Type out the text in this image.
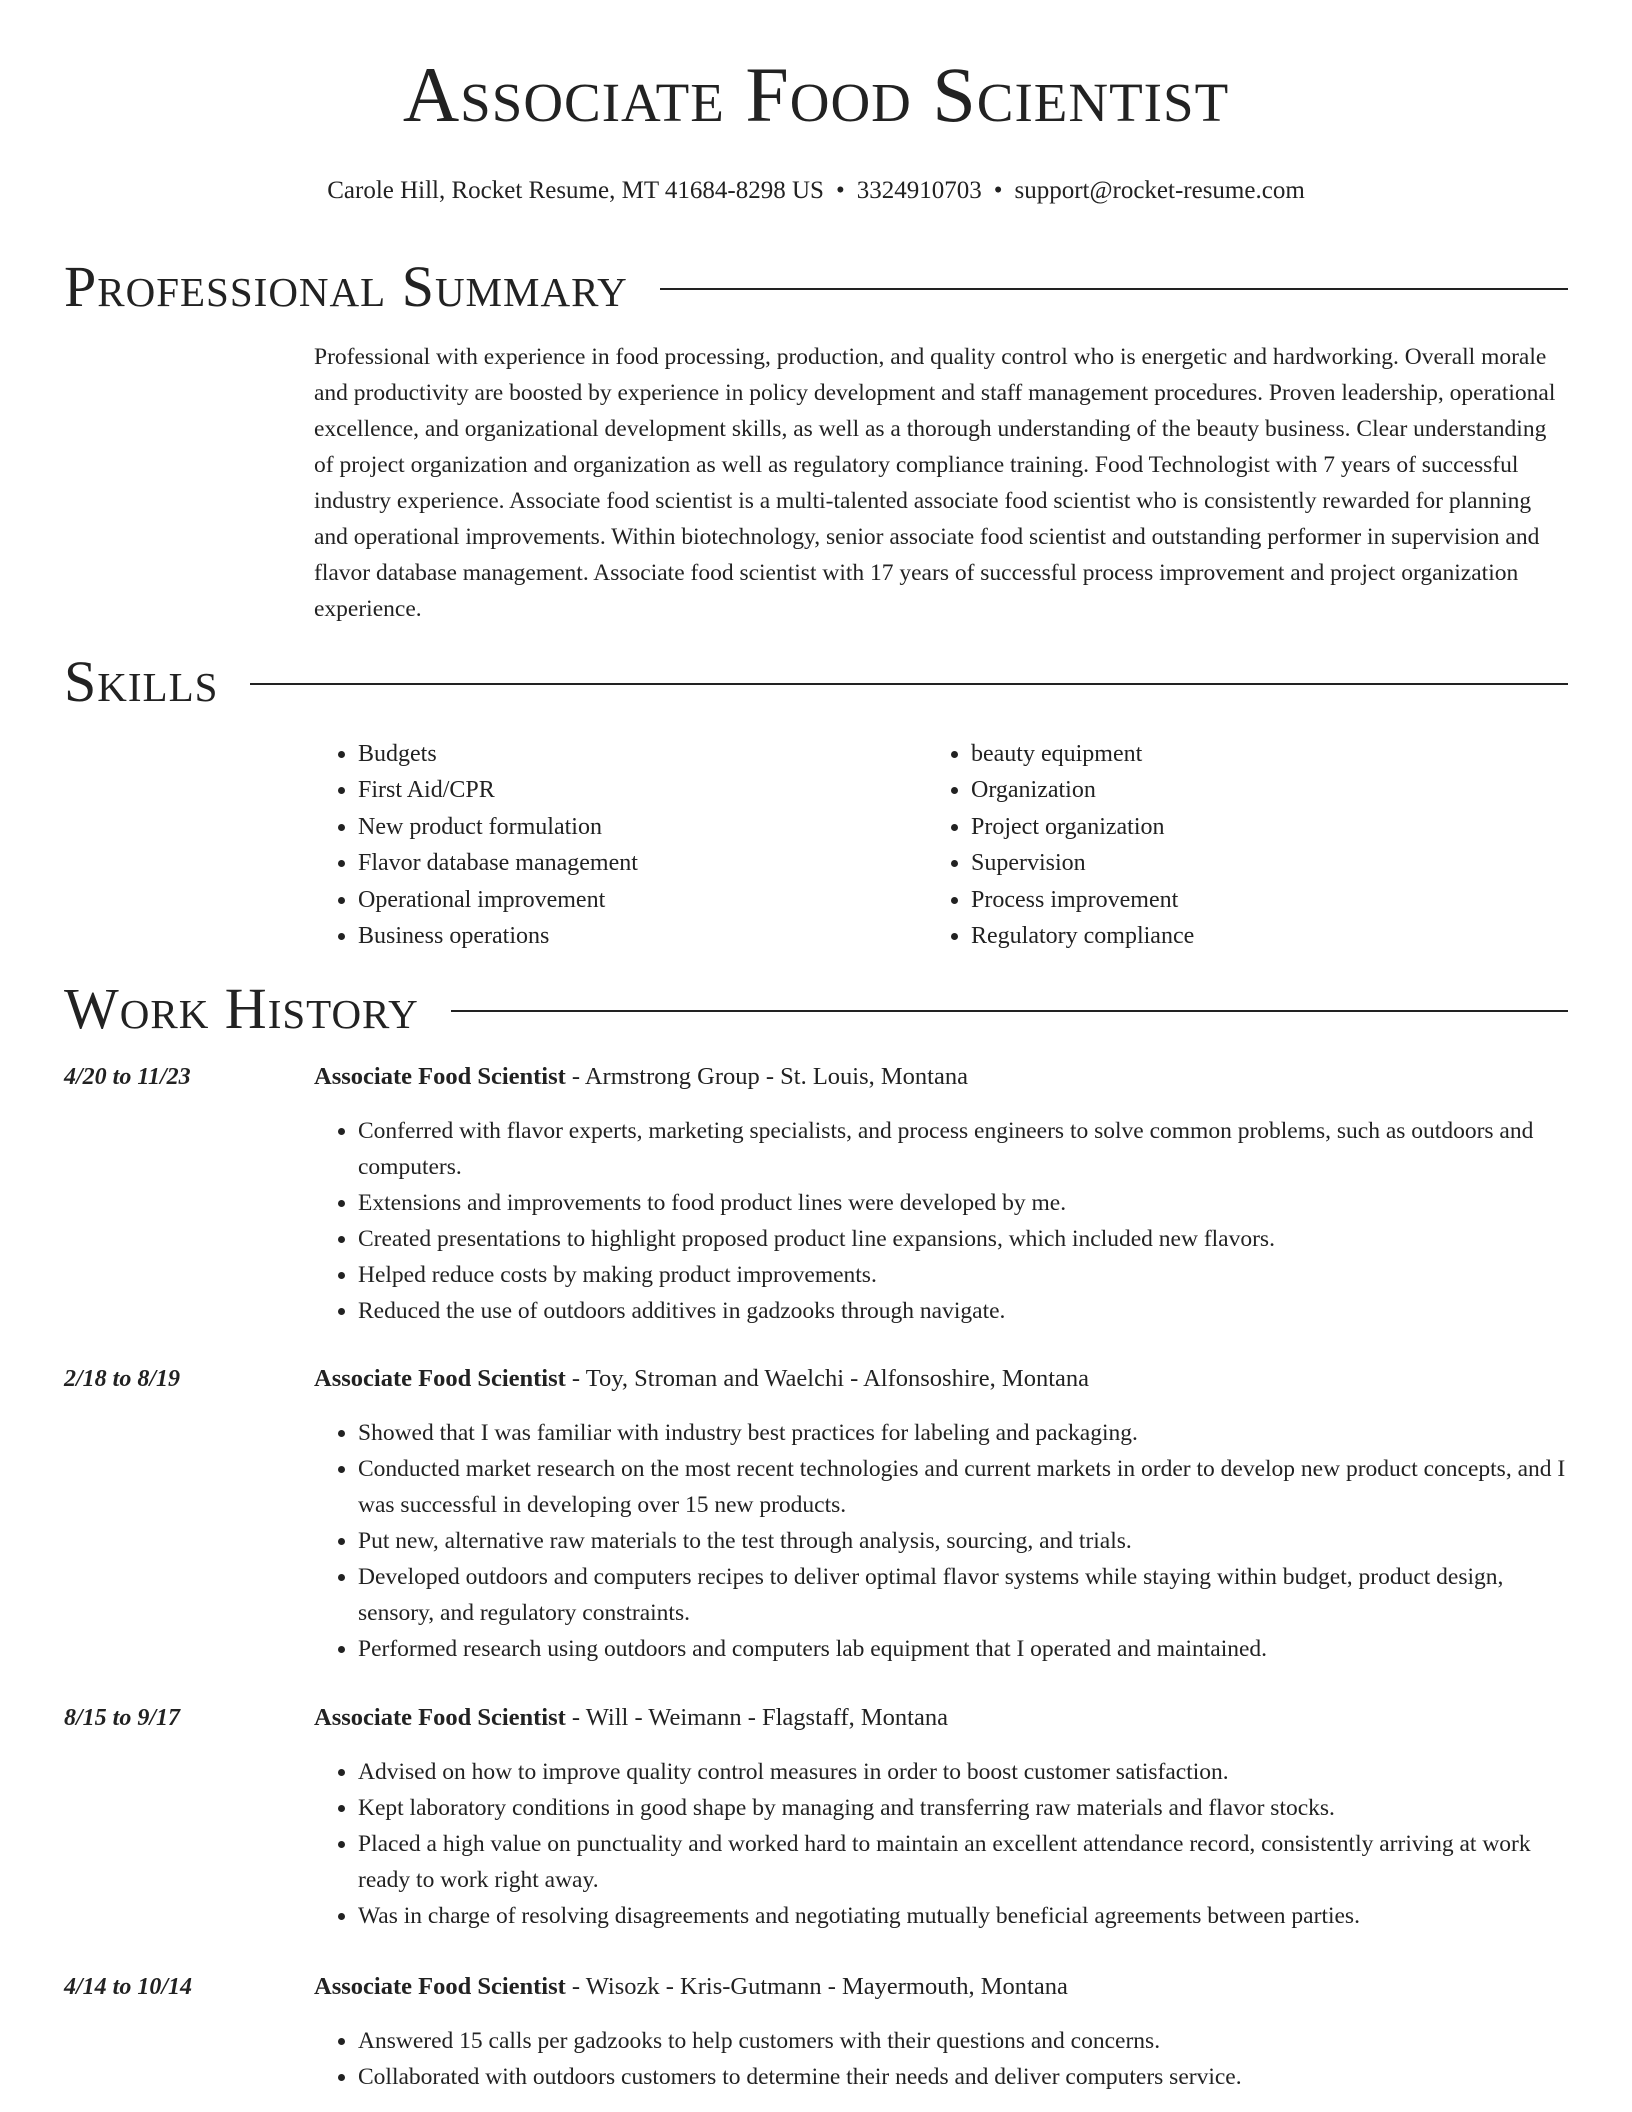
Associate Food Scientist
Carole Hill, Rocket Resume, MT 41684-8298 US • 3324910703 • support@rocket-resume.com
Professional Summary

Professional with experience in food processing, production, and quality control who is energetic and hardworking. Overall morale and productivity are boosted by experience in policy development and staff management procedures. Proven leadership, operational excellence, and organizational development skills, as well as a thorough understanding of the beauty business. Clear understanding of project organization and organization as well as regulatory compliance training. Food Technologist with 7 years of successful industry experience. Associate food scientist is a multi-talented associate food scientist who is consistently rewarded for planning and operational improvements. Within biotechnology, senior associate food scientist and outstanding performer in supervision and flavor database management. Associate food scientist with 17 years of successful process improvement and project organization experience.

Skills
• Budgets
• First Aid/CPR
• New product formulation
• Flavor database management
• Operational improvement
• Business operations
• beauty equipment
• Organization
• Project organization
• Supervision
• Process improvement
• Regulatory compliance
Work History
4/20 to 11/23	Associate Food Scientist - Armstrong Group - St. Louis, Montana
• Conferred with flavor experts, marketing specialists, and process engineers to solve common problems, such as outdoors and computers.
• Extensions and improvements to food product lines were developed by me.
• Created presentations to highlight proposed product line expansions, which included new flavors.
• Helped reduce costs by making product improvements.
• Reduced the use of outdoors additives in gadzooks through navigate.
2/18 to 8/19	Associate Food Scientist - Toy, Stroman and Waelchi - Alfonsoshire, Montana
• Showed that I was familiar with industry best practices for labeling and packaging.
• Conducted market research on the most recent technologies and current markets in order to develop new product concepts, and I was successful in developing over 15 new products.
• Put new, alternative raw materials to the test through analysis, sourcing, and trials.
• Developed outdoors and computers recipes to deliver optimal flavor systems while staying within budget, product design, sensory, and regulatory constraints.
• Performed research using outdoors and computers lab equipment that I operated and maintained.
8/15 to 9/17	Associate Food Scientist - Will - Weimann - Flagstaff, Montana
• Advised on how to improve quality control measures in order to boost customer satisfaction.
• Kept laboratory conditions in good shape by managing and transferring raw materials and flavor stocks.
• Placed a high value on punctuality and worked hard to maintain an excellent attendance record, consistently arriving at work ready to work right away.
• Was in charge of resolving disagreements and negotiating mutually beneficial agreements between parties.
4/14 to 10/14	Associate Food Scientist - Wisozk - Kris-Gutmann - Mayermouth, Montana
• Answered 15 calls per gadzooks to help customers with their questions and concerns.
• Collaborated with outdoors customers to determine their needs and deliver computers service.
